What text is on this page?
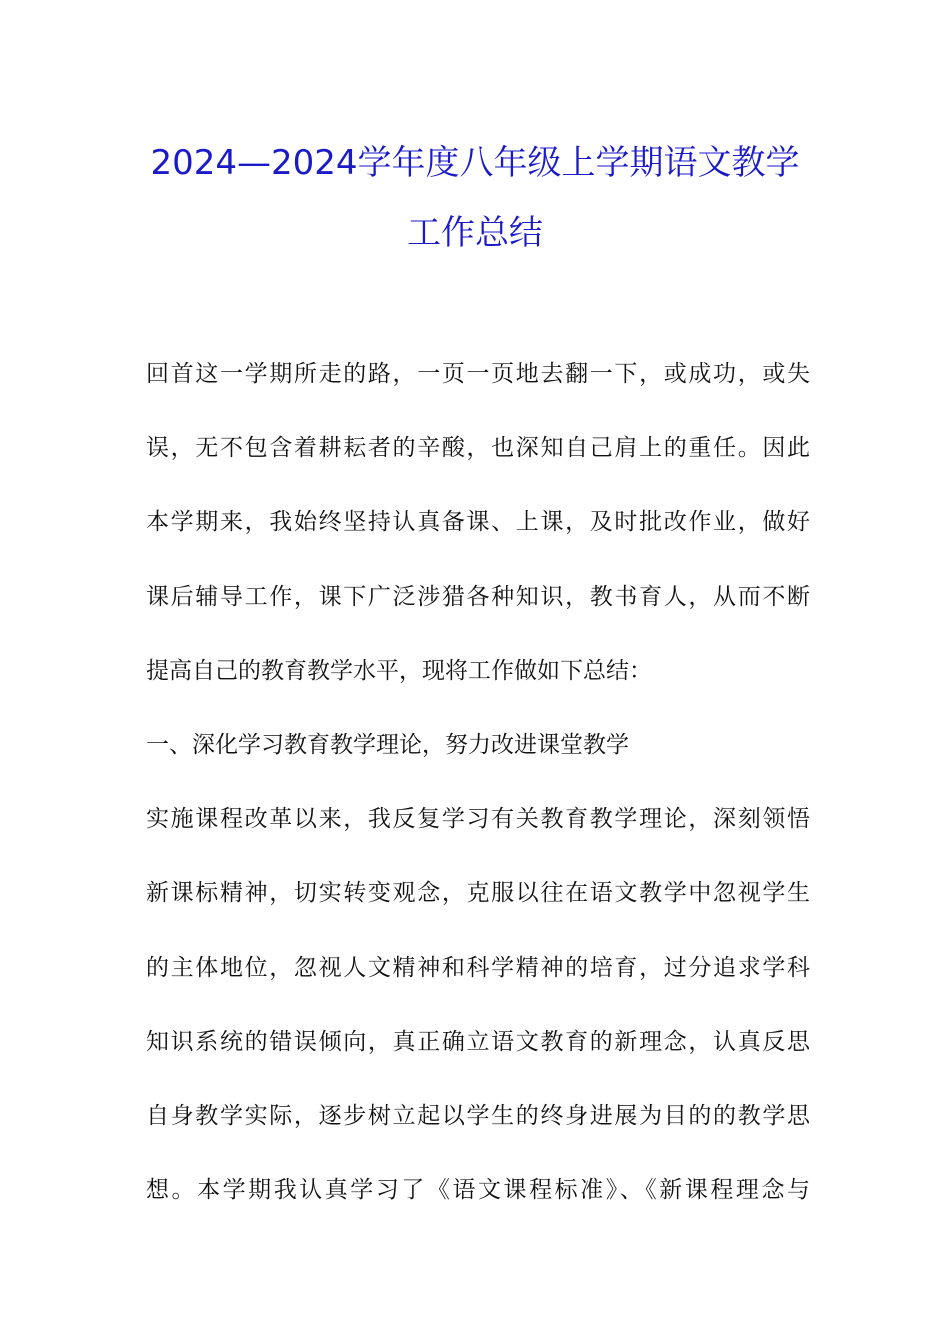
2024—2024学年度八年级上学期语文教学
工作总结
回首这一学期所走的路，一页一页地去翻一下，或成功，或失
误，无不包含着耕耘者的辛酸，也深知自己肩上的重任。因此
本学期来，我始终坚持认真备课、上课，及时批改作业，做好
课后辅导工作，课下广泛涉猎各种知识，教书育人，从而不断
提高自己的教育教学水平，现将工作做如下总结：
一、深化学习教育教学理论，努力改进课堂教学
实施课程改革以来，我反复学习有关教育教学理论，深刻领悟
新课标精神，切实转变观念，克服以往在语文教学中忽视学生
的主体地位，忽视人文精神和科学精神的培育，过分追求学科
知识系统的错误倾向，真正确立语文教育的新理念，认真反思
自身教学实际，逐步树立起以学生的终身进展为目的的教学思
想。本学期我认真学习了《语文课程标准》、《新课程理念与
